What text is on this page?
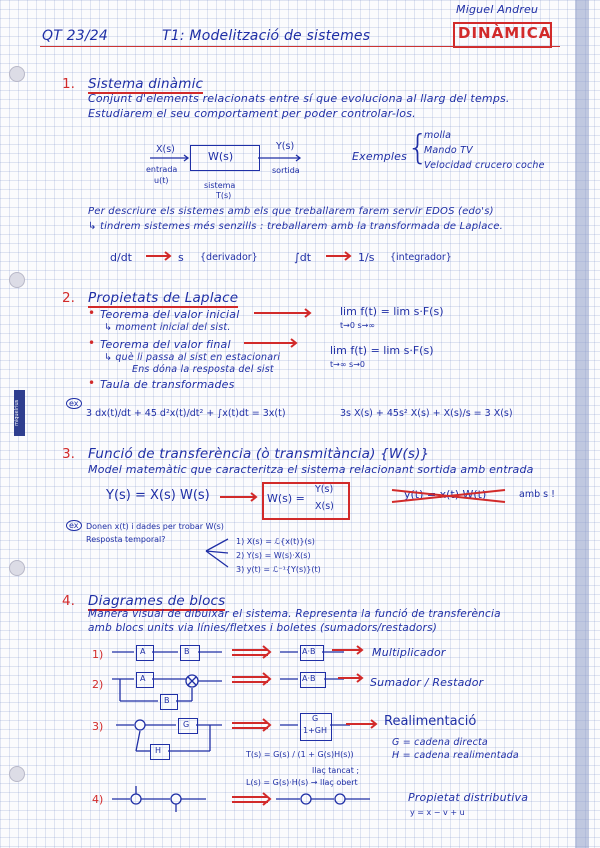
miquelrius
QT 23/24	T1: Modelització de sistemes
Miguel Andreu
DINÀMICA
1. Sistema dinàmic
Conjunt d'elements relacionats entre sí que evoluciona al llarg del temps.
Estudiarem el seu comportament per poder controlar-los.
X(s)
entrada
u(t)
W(s)
sistema
T(s)
Y(s)
sortida
Exemples {
molla
Mando TV
Velocidad crucero coche
Per descriure els sistemes amb els que treballarem farem servir EDOS (edo's)
↳ tindrem sistemes més senzills : treballarem amb la transformada de Laplace.
d/dt	s {derivador}	∫dt	1/s {integrador}
2. Propietats de Laplace
• Teorema del valor inicial
↳ moment inicial del sist.
lim f(t) = lim s·F(s)
t→0 s→∞
• Teorema del valor final
↳ què li passa al sist en estacionari
Ens dóna la resposta del sist
lim f(t) = lim s·F(s)
t→∞ s→0
• Taula de transformades
ex
3 dx(t)/dt + 45 d²x(t)/dt² + ∫x(t)dt = 3x(t)	3s X(s) + 45s² X(s) + X(s)/s = 3 X(s)
3. Funció de transferència (ò transmitància) {W(s)}
Model matemàtic que caracteritza el sistema relacionant sortida amb entrada
Y(s) = X(s) W(s)	W(s) =
Y(s)
X(s)
y(t) = x(t) W(t)	amb s !
ex Donen x(t) i dades per trobar W(s)
Resposta temporal?	1) X(s) = ℒ{x(t)}(s)
2) Y(s) = W(s)·X(s)
3) y(t) = ℒ⁻¹{Y(s)}(t)
4. Diagrames de blocs
Manera visual de dibuixar el sistema. Representa la funció de transferència
amb blocs units via línies/fletxes i boletes (sumadors/restadors)
1)	A	B	A·B	Multiplicador
2)	A
B
A·B	Sumador / Restador
3)	G
H
G
1+GH
Realimentació
G = cadena directa
H = cadena realimentada
T(s) = G(s) / (1 + G(s)H(s))
llaç tancat ;
L(s) = G(s)·H(s) → llaç obert
4)	Propietat distributiva
y = x − v + u
